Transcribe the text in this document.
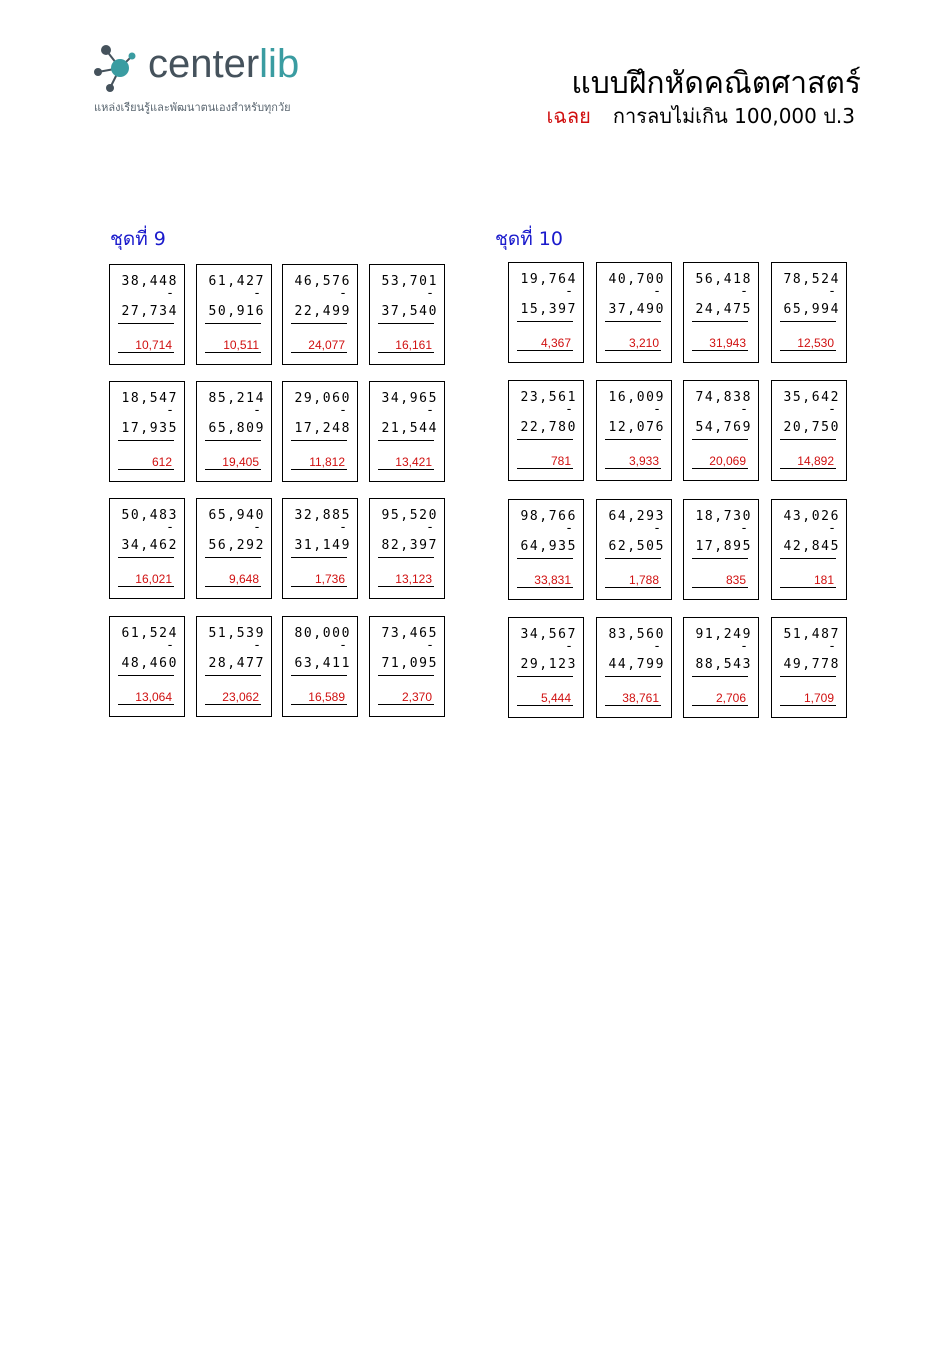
centerlib
แหล่งเรียนรู้และพัฒนาตนเองสำหรับทุกวัย
แบบฝึกหัดคณิตศาสตร์
เฉลย การลบไม่เกิน 100,000 ป.3
ชุดที่ 9	ชุดที่ 10
38,448
-
27,734
10,714
61,427
-
50,916
10,511
46,576
-
22,499
24,077
53,701
-
37,540
16,161
18,547
-
17,935
612
85,214
-
65,809
19,405
29,060
-
17,248
11,812
34,965
-
21,544
13,421
50,483
-
34,462
16,021
65,940
-
56,292
9,648
32,885
-
31,149
1,736
95,520
-
82,397
13,123
61,524
-
48,460
13,064
51,539
-
28,477
23,062
80,000
-
63,411
16,589
73,465
-
71,095
2,370
19,764
-
15,397
4,367
40,700
-
37,490
3,210
56,418
-
24,475
31,943
78,524
-
65,994
12,530
23,561
-
22,780
781
16,009
-
12,076
3,933
74,838
-
54,769
20,069
35,642
-
20,750
14,892
98,766
-
64,935
33,831
64,293
-
62,505
1,788
18,730
-
17,895
835
43,026
-
42,845
181
34,567
-
29,123
5,444
83,560
-
44,799
38,761
91,249
-
88,543
2,706
51,487
-
49,778
1,709
